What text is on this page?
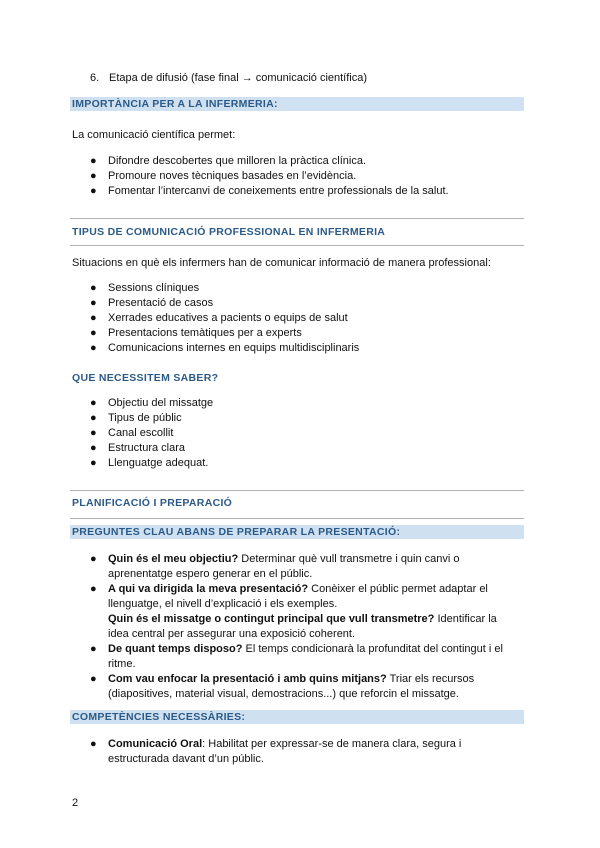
6. Etapa de difusió (fase final → comunicació científica)
IMPORTÀNCIA PER A LA INFERMERIA:
La comunicació científica permet:
● Difondre descobertes que milloren la pràctica clínica.
● Promoure noves tècniques basades en l’evidència.
● Fomentar l’intercanvi de coneixements entre professionals de la salut.
TIPUS DE COMUNICACIÓ PROFESSIONAL EN INFERMERIA
Situacions en què els infermers han de comunicar informació de manera professional:
● Sessions clíniques
● Presentació de casos
● Xerrades educatives a pacients o equips de salut
● Presentacions temàtiques per a experts
● Comunicacions internes en equips multidisciplinaris
QUE NECESSITEM SABER?
● Objectiu del missatge
● Tipus de públic
● Canal escollit
● Estructura clara
● Llenguatge adequat.
PLANIFICACIÓ I PREPARACIÓ
PREGUNTES CLAU ABANS DE PREPARAR LA PRESENTACIÓ:
● Quin és el meu objectiu? Determinar què vull transmetre i quin canvi o aprenentatge espero generar en el públic.
● A qui va dirigida la meva presentació? Conèixer el públic permet adaptar el llenguatge, el nivell d’explicació i els exemples.
Quin és el missatge o contingut principal que vull transmetre? Identificar la idea central per assegurar una exposició coherent.
● De quant temps disposo? El temps condicionarà la profunditat del contingut i el ritme.
● Com vau enfocar la presentació i amb quins mitjans? Triar els recursos (diapositives, material visual, demostracions...) que reforcin el missatge.
COMPETÈNCIES NECESSÀRIES:
● Comunicació Oral: Habilitat per expressar-se de manera clara, segura i estructurada davant d’un públic.
2
